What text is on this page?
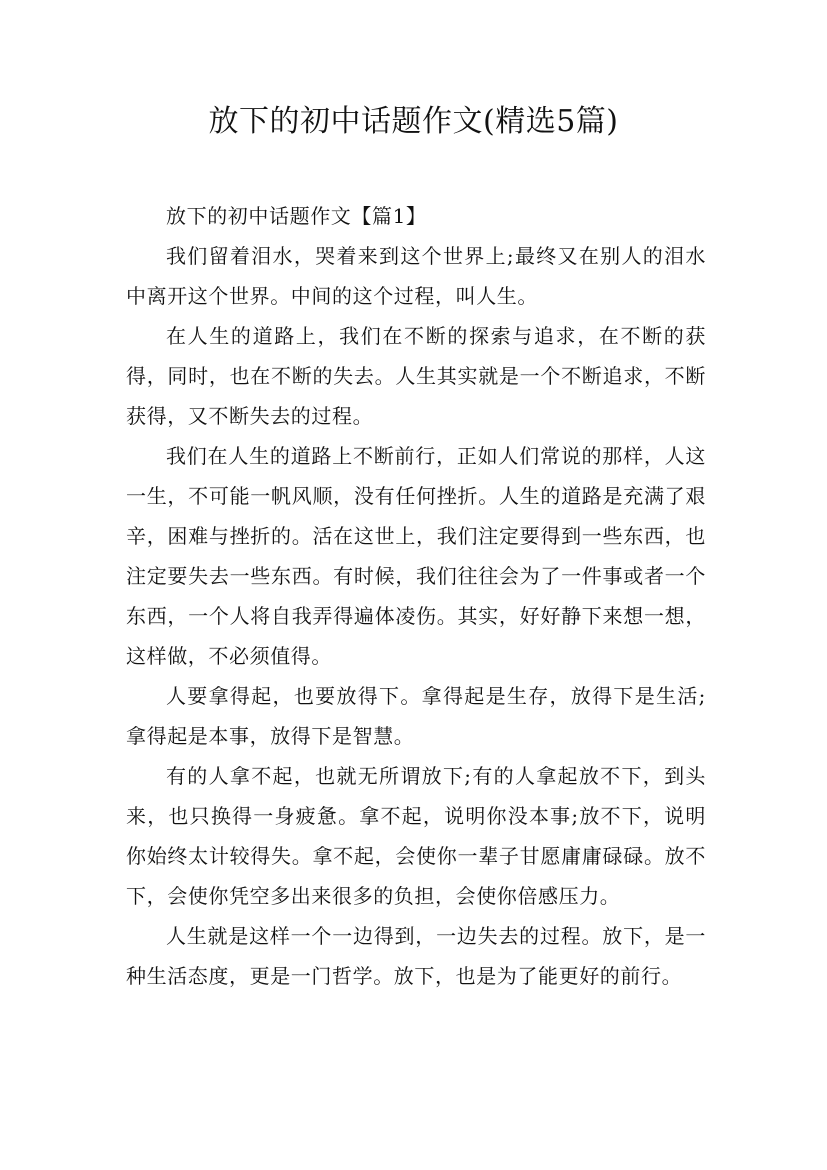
放下的初中话题作文(精选5篇)

放下的初中话题作文【篇1】

我们留着泪水，哭着来到这个世界上;最终又在别人的泪水中离开这个世界。中间的这个过程，叫人生。

在人生的道路上，我们在不断的探索与追求，在不断的获得，同时，也在不断的失去。人生其实就是一个不断追求，不断获得，又不断失去的过程。

我们在人生的道路上不断前行，正如人们常说的那样，人这一生，不可能一帆风顺，没有任何挫折。人生的道路是充满了艰辛，困难与挫折的。活在这世上，我们注定要得到一些东西，也注定要失去一些东西。有时候，我们往往会为了一件事或者一个东西，一个人将自我弄得遍体凌伤。其实，好好静下来想一想，这样做，不必须值得。

人要拿得起，也要放得下。拿得起是生存，放得下是生活;拿得起是本事，放得下是智慧。

有的人拿不起，也就无所谓放下;有的人拿起放不下，到头来，也只换得一身疲惫。拿不起，说明你没本事;放不下，说明你始终太计较得失。拿不起，会使你一辈子甘愿庸庸碌碌。放不下，会使你凭空多出来很多的负担，会使你倍感压力。

人生就是这样一个一边得到，一边失去的过程。放下，是一种生活态度，更是一门哲学。放下，也是为了能更好的前行。
